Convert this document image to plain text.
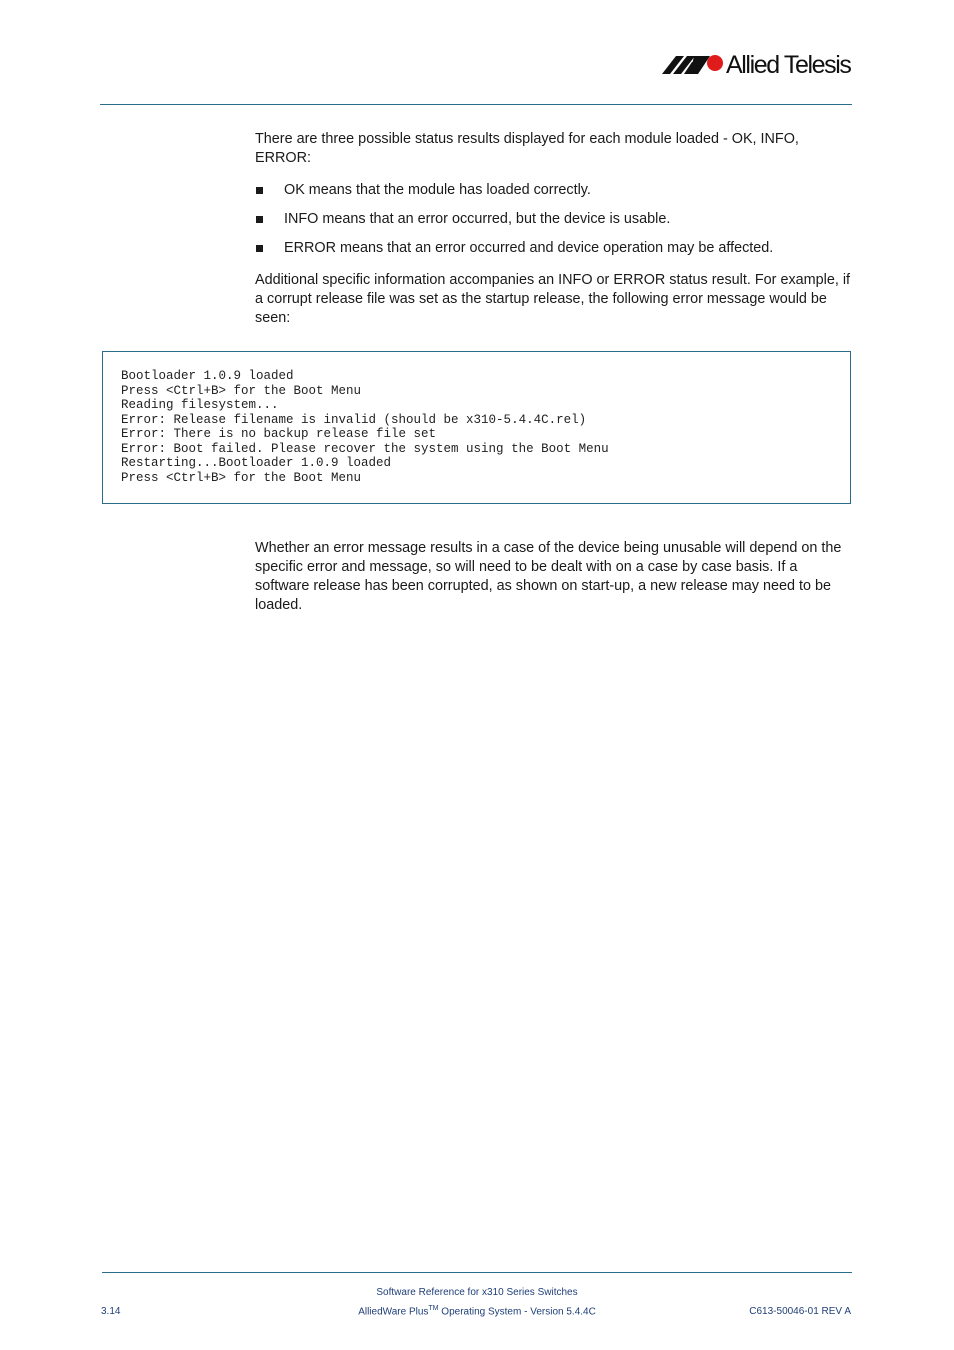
Allied Telesis

There are three possible status results displayed for each module loaded - OK, INFO, ERROR:

OK means that the module has loaded correctly.
INFO means that an error occurred, but the device is usable.
ERROR means that an error occurred and device operation may be affected.

Additional specific information accompanies an INFO or ERROR status result. For example, if a corrupt release file was set as the startup release, the following error message would be seen:

Bootloader 1.0.9 loaded
Press <Ctrl+B> for the Boot Menu
Reading filesystem...
Error: Release filename is invalid (should be x310-5.4.4C.rel)
Error: There is no backup release file set
Error: Boot failed. Please recover the system using the Boot Menu
Restarting...Bootloader 1.0.9 loaded
Press <Ctrl+B> for the Boot Menu

Whether an error message results in a case of the device being unusable will depend on the specific error and message, so will need to be dealt with on a case by case basis. If a software release has been corrupted, as shown on start-up, a new release may need to be loaded.

Software Reference for x310 Series Switches
AlliedWare Plus™ Operating System - Version 5.4.4C
3.14	C613-50046-01 REV A
